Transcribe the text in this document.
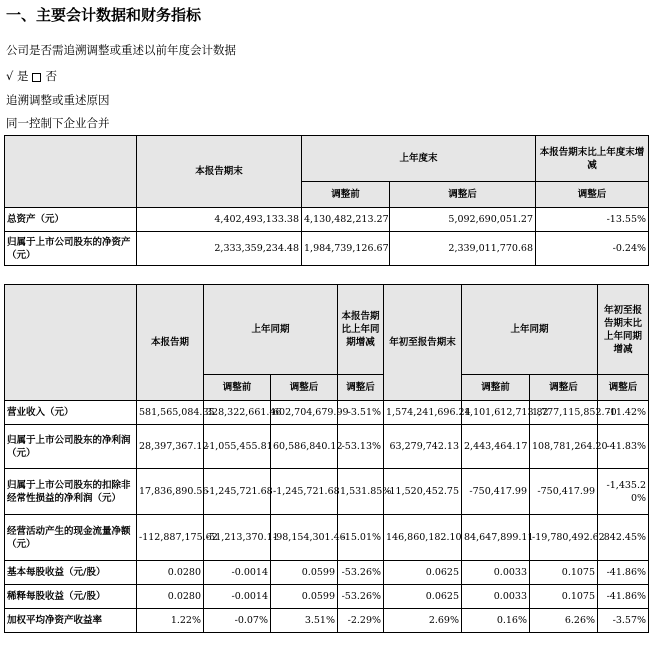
一、主要会计数据和财务指标
公司是否需追溯调整或重述以前年度会计数据
√ 是 否
追溯调整或重述原因
同一控制下企业合并
	本报告期末	上年度末		本报告期末比上年度末增减
		调整前	调整后	调整后
总资产（元）	4,402,493,133.38	4,130,482,213.27	5,092,690,051.27	-13.55%
归属于上市公司股东的净资产（元）	2,333,359,234.48	1,984,739,126.67	2,339,011,770.68	-0.24%
	本报告期	上年同期		本报告期比上年同期增减	年初至报告期末	上年同期		年初至报告期末比上年同期增减
		调整前	调整后	调整后		调整前	调整后	调整后
营业收入（元）	581,565,084.35	328,322,661.46	602,704,679.99	-3.51%	1,574,241,696.24	1,101,612,713.82	1,777,115,852.70	-11.42%
归属于上市公司股东的净利润（元）	28,397,367.12	-1,055,455.81	60,586,840.12	-53.13%	63,279,742.13	2,443,464.17	108,781,264.20	-41.83%
归属于上市公司股东的扣除非经常性损益的净利润（元）	17,836,890.56	-1,245,721.68	-1,245,721.68	1,531.85%	-11,520,452.75	-750,417.99	-750,417.99	-1,435.20%
经营活动产生的现金流量净额（元）	-112,887,175.62	-51,213,370.11	-98,154,301.46	-15.01%	146,860,182.10	84,647,899.11	-19,780,492.62	842.45%
基本每股收益（元/股）	0.0280	-0.0014	0.0599	-53.26%	0.0625	0.0033	0.1075	-41.86%
稀释每股收益（元/股）	0.0280	-0.0014	0.0599	-53.26%	0.0625	0.0033	0.1075	-41.86%
加权平均净资产收益率	1.22%	-0.07%	3.51%	-2.29%	2.69%	0.16%	6.26%	-3.57%
